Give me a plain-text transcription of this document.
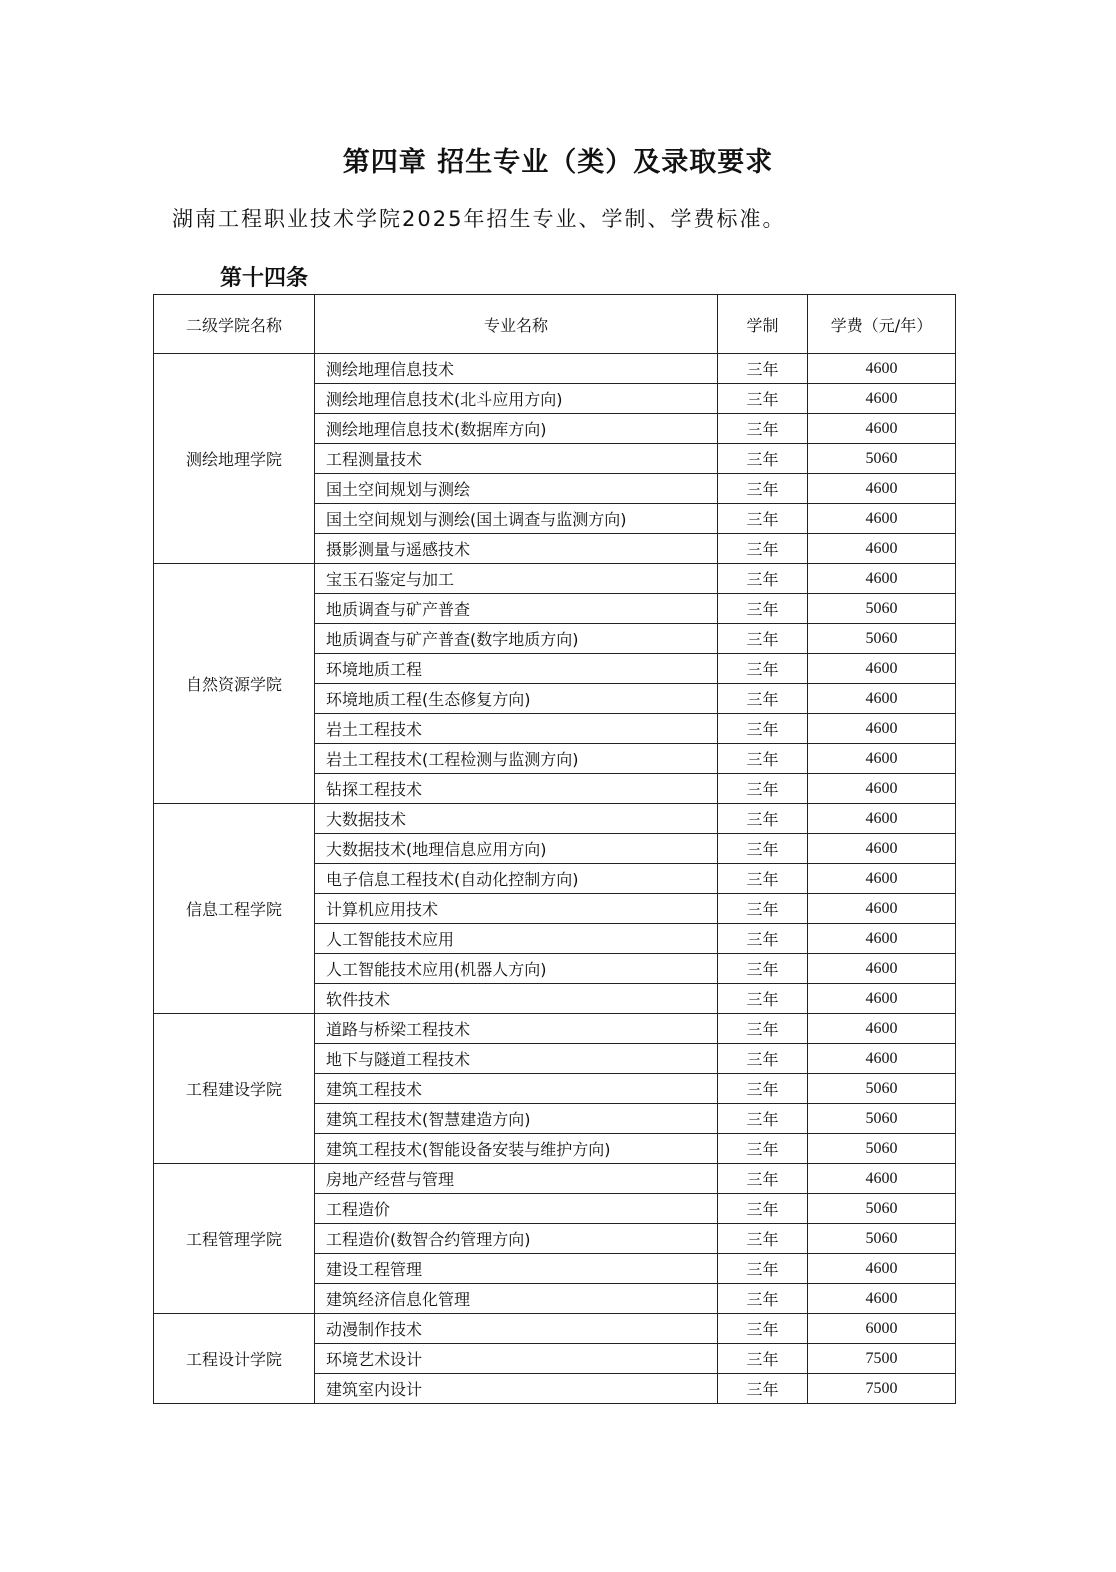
第四章 招生专业（类）及录取要求
湖南工程职业技术学院2025年招生专业、学制、学费标准。
第十四条
二级学院名称	专业名称	学制	学费（元/年）
测绘地理学院	测绘地理信息技术	三年	4600
	测绘地理信息技术(北斗应用方向)	三年	4600
	测绘地理信息技术(数据库方向)	三年	4600
	工程测量技术	三年	5060
	国土空间规划与测绘	三年	4600
	国土空间规划与测绘(国土调查与监测方向)	三年	4600
	摄影测量与遥感技术	三年	4600
自然资源学院	宝玉石鉴定与加工	三年	4600
	地质调查与矿产普查	三年	5060
	地质调查与矿产普查(数字地质方向)	三年	5060
	环境地质工程	三年	4600
	环境地质工程(生态修复方向)	三年	4600
	岩土工程技术	三年	4600
	岩土工程技术(工程检测与监测方向)	三年	4600
	钻探工程技术	三年	4600
信息工程学院	大数据技术	三年	4600
	大数据技术(地理信息应用方向)	三年	4600
	电子信息工程技术(自动化控制方向)	三年	4600
	计算机应用技术	三年	4600
	人工智能技术应用	三年	4600
	人工智能技术应用(机器人方向)	三年	4600
	软件技术	三年	4600
工程建设学院	道路与桥梁工程技术	三年	4600
	地下与隧道工程技术	三年	4600
	建筑工程技术	三年	5060
	建筑工程技术(智慧建造方向)	三年	5060
	建筑工程技术(智能设备安装与维护方向)	三年	5060
工程管理学院	房地产经营与管理	三年	4600
	工程造价	三年	5060
	工程造价(数智合约管理方向)	三年	5060
	建设工程管理	三年	4600
	建筑经济信息化管理	三年	4600
工程设计学院	动漫制作技术	三年	6000
	环境艺术设计	三年	7500
	建筑室内设计	三年	7500
